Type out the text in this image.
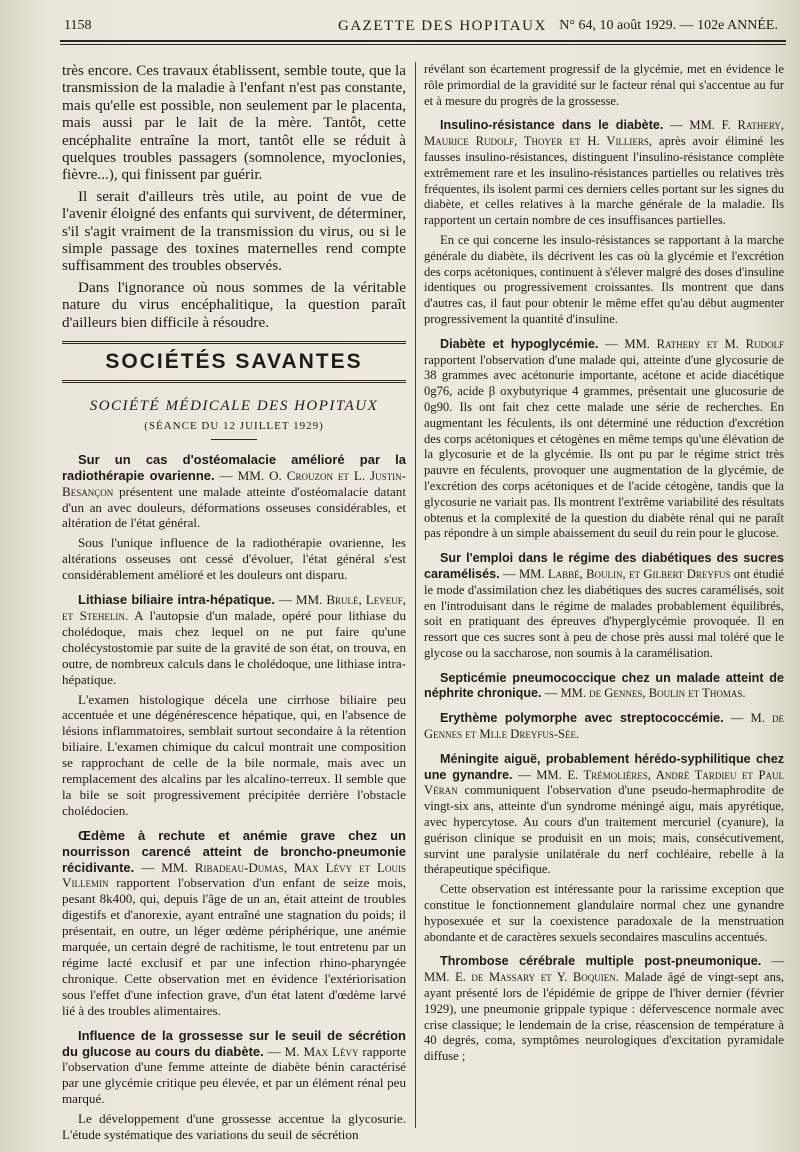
1158	GAZETTE DES HOPITAUX N° 64, 10 août 1929. — 102e ANNÉE.

très encore. Ces travaux établissent, semble toute, que la transmission de la maladie à l'enfant n'est pas constante, mais qu'elle est possible, non seulement par le placenta, mais aussi par le lait de la mère. Tantôt, cette encéphalite entraîne la mort, tantôt elle se réduit à quelques troubles passagers (somnolence, myoclonies, fièvre...), qui finissent par guérir.

Il serait d'ailleurs très utile, au point de vue de l'avenir éloigné des enfants qui survivent, de déterminer, s'il s'agit vraiment de la transmission du virus, ou si le simple passage des toxines maternelles rend compte suffisamment des troubles observés.

Dans l'ignorance où nous sommes de la véritable nature du virus encéphalitique, la question paraît d'ailleurs bien difficile à résoudre.

SOCIÉTÉS SAVANTES
SOCIÉTÉ MÉDICALE DES HOPITAUX
(SÉANCE DU 12 JUILLET 1929)

Sur un cas d'ostéomalacie amélioré par la radiothérapie ovarienne. — MM. O. Crouzon et L. Justin-Besançon présentent une malade atteinte d'ostéomalacie datant d'un an avec douleurs, déformations osseuses considérables, et altération de l'état général.

Sous l'unique influence de la radiothérapie ovarienne, les altérations osseuses ont cessé d'évoluer, l'état général s'est considérablement amélioré et les douleurs ont disparu.

Lithiase biliaire intra-hépatique. — MM. Brulé, Leveuf, et Stehelin. A l'autopsie d'un malade, opéré pour lithiase du cholédoque, mais chez lequel on ne put faire qu'une cholécystostomie par suite de la gravité de son état, on trouva, en outre, de nombreux calculs dans le cholédoque, une lithiase intra-hépatique.

L'examen histologique décela une cirrhose biliaire peu accentuée et une dégénérescence hépatique, qui, en l'absence de lésions inflammatoires, semblait surtout secondaire à la rétention biliaire. L'examen chimique du calcul montrait une composition se rapprochant de celle de la bile normale, mais avec un remplacement des alcalins par les alcalino-terreux. Il semble que la bile se soit progressivement précipitée derrière l'obstacle cholédocien.

Œdème à rechute et anémie grave chez un nourrisson carencé atteint de broncho-pneumonie récidivante. — MM. Ribadeau-Dumas, Max Lévy et Louis Villemin rapportent l'observation d'un enfant de seize mois, pesant 8k400, qui, depuis l'âge de un an, était atteint de troubles digestifs et d'anorexie, ayant entraîné une stagnation du poids; il présentait, en outre, un léger œdème périphérique, une anémie marquée, un certain degré de rachitisme, le tout entretenu par un régime lacté exclusif et par une infection rhino-pharyngée chronique. Cette observation met en évidence l'extériorisation sous l'effet d'une infection grave, d'un état latent d'œdème larvé lié à des troubles alimentaires.

Influence de la grossesse sur le seuil de sécrétion du glucose au cours du diabète. — M. Max Lévy rapporte l'observation d'une femme atteinte de diabète bénin caractérisé par une glycémie critique peu élevée, et par un élément rénal peu marqué.

Le développement d'une grossesse accentue la glycosurie. L'étude systématique des variations du seuil de sécrétion

révélant son écartement progressif de la glycémie, met en évidence le rôle primordial de la gravidité sur le facteur rénal qui s'accentue au fur et à mesure du progrès de la grossesse.

Insulino-résistance dans le diabète. — MM. F. Rathery, Maurice Rudolf, Thoyer et H. Villiers, après avoir éliminé les fausses insulino-résistances, distinguent l'insulino-résistance complète extrêmement rare et les insulino-résistances partielles ou relatives très fréquentes, ils isolent parmi ces derniers celles portant sur les signes du diabète, et celles relatives à la marche générale de la maladie. Ils rapportent un certain nombre de ces insuffisances partielles.

En ce qui concerne les insulo-résistances se rapportant à la marche générale du diabète, ils décrivent les cas où la glycémie et l'excrétion des corps acétoniques, continuent à s'élever malgré des doses d'insuline identiques ou progressivement croissantes. Ils montrent que dans d'autres cas, il faut pour obtenir le même effet qu'au début augmenter progressivement la quantité d'insuline.

Diabète et hypoglycémie. — MM. Rathery et M. Rudolf rapportent l'observation d'une malade qui, atteinte d'une glycosurie de 38 grammes avec acétonurie importante, acétone et acide diacétique 0g76, acide β oxybutyrique 4 grammes, présentait une glucosurie de 0g90. Ils ont fait chez cette malade une série de recherches. En augmentant les féculents, ils ont déterminé une réduction d'excrétion des corps acétoniques et cétogènes en même temps qu'une élévation de la glycosurie et de la glycémie. Ils ont pu par le régime strict très pauvre en féculents, provoquer une augmentation de la glycémie, de l'excrétion des corps acétoniques et de l'acide cétogène, tandis que la glycosurie ne variait pas. Ils montrent l'extrême variabilité des résultats obtenus et la complexité de la question du diabète rénal qui ne paraît pas répondre à un simple abaissement du seuil du rein pour le glucose.

Sur l'emploi dans le régime des diabétiques des sucres caramélisés. — MM. Labbé, Boulin, et Gilbert Dreyfus ont étudié le mode d'assimilation chez les diabétiques des sucres caramélisés, soit en l'introduisant dans le régime de malades probablement équilibrés, soit en pratiquant des épreuves d'hyperglycémie provoquée. Il en ressort que ces sucres sont à peu de chose près aussi mal toléré que le glycose ou la saccharose, non soumis à la caramélisation.

Septicémie pneumococcique chez un malade atteint de néphrite chronique. — MM. de Gennes, Boulin et Thomas.

Erythème polymorphe avec streptococcémie. — M. de Gennes et Mlle Dreyfus-Sée.

Méningite aiguë, probablement hérédo-syphilitique chez une gynandre. — MM. E. Trémolières, André Tardieu et Paul Véran communiquent l'observation d'une pseudo-hermaphrodite de vingt-six ans, atteinte d'un syndrome méningé aigu, mais apyrétique, avec hypercytose. Au cours d'un traitement mercuriel (cyanure), la guérison clinique se produisit en un mois; mais, consécutivement, survint une paralysie unilatérale du nerf cochléaire, rebelle à la thérapeutique spécifique.

Cette observation est intéressante pour la rarissime exception que constitue le fonctionnement glandulaire normal chez une gynandre hyposexuée et sur la coexistence paradoxale de la menstruation abondante et de caractères sexuels secondaires masculins accentués.

Thrombose cérébrale multiple post-pneumonique. — MM. E. de Massary et Y. Boquien. Malade âgé de vingt-sept ans, ayant présenté lors de l'épidémie de grippe de l'hiver dernier (février 1929), une pneumonie grippale typique : défervescence normale avec crise classique; le lendemain de la crise, réascension de température à 40 degrés, coma, symptômes neurologiques d'excitation pyramidale diffuse ;
